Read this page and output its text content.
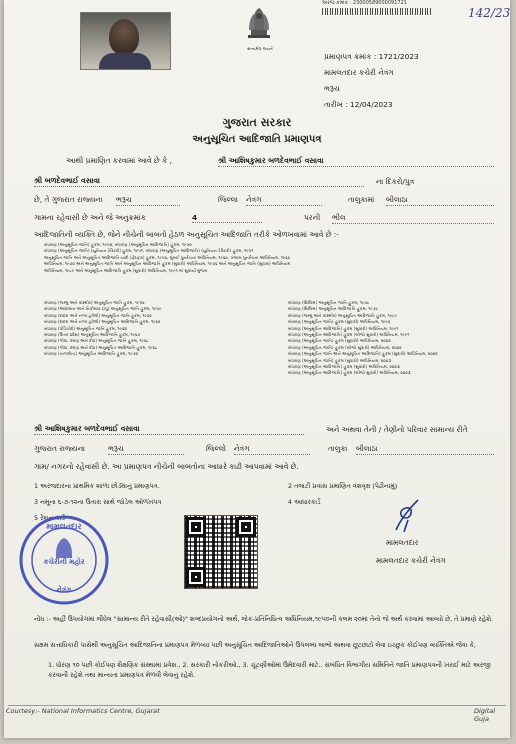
સત્યમેવ જયતે
અરજ ક્રમાંક : 23000589000091721
142/23
પ્રમાણપત્ર ક્રમાંક : 1721/2023
મામલતદાર કચેરી નેત્રંગ
ભરૂચ
તારીખ : 12/04/2023
ગુજરાત સરકાર
અનુસૂચિત આદિજાતિ પ્રમાણપત્ર
આથી પ્રમાણિત કરવામાં આવે છે કે ,	શ્રી આશિષકુમાર બળદેવભાઈ વસાવા
શ્રી બળદેવભાઈ વસાવા	ના દિકરો/પુત્ર
છે, તે ગુજરાત રાજ્યના ભરૂચ	જિલ્લા નેત્રંગ	તાલુકામાં બીલાઠા
ગામના રહેવાસી છે અને જે અનુક્રમાંક	4	પરની ભીલ
આદિજાતિની વ્યક્તિ છે, જેને નીચેની બાબતો હેઠળ અનુસૂચિત આદિજાતિ તરીકે ઓળખવામાં આવે છે :-
બંધારણ (અનુસૂચિત જાતિ) હુકમ, ૧૯૫૦, બંધારણ (અનુસૂચિત આદિજાતિ) હુકમ, ૧૯૫૦
બંધારણ (અનુસૂચિત જાતિ) (યુનિયન ટેરિટરી) હુકમ, ૧૯૫૧, બંધારણ (અનુસૂચિત આદિજાતિ) (યુનિયન ટેરિટરી) હુકમ, ૧૯૫૧
અનુસૂચિત જાતિ અને અનુસૂચિત આદિજાતિ યાદી (ફેરફાર) હુકમ, ૧૯૫૬, મુંબઈ પુનર્રચના અધિનિયમ, ૧૯૬૦, પંજાબ પુનર્રચના અધિનિયમ, ૧૯૬૬
અધિનિયમ, ૧૯૭૦ અને અનુસૂચિત જાતિ અને અનુસૂચિત આદિજાતિ હુકમ (સુધારો) અધિનિયમ, ૧૯૭૬ અને અનુસૂચિત જાતિ (સુધારા) અધિનિયમ
અધિનિયમ, ૧૯૮૯ અને અનુસૂચિત આદિજાતિ હુકમ (સુધારો) અધિનિયમ, ૧૯૯૧ માં સુધાર્યા મુજબ
બંધારણ (જમ્મુ અને કાશ્મીર) અનુસૂચિત જાતિ હુકમ, ૧૯૫૬
બંધારણ (આંદામાન અને નિકોબાર ટાપુ) અનુસૂચિત જાતિ હુકમ, ૧૯૫૯
બંધારણ (દાદરા અને નગર હવેલી) અનુસૂચિત જાતિ હુકમ, ૧૯૬૨
બંધારણ (દાદરા અને નગર હવેલી) અનુસૂચિત આદિજાતિ હુકમ, ૧૯૬૨
બંધારણ (પોંડિચેરી) અનુસૂચિત જાતિ હુકમ, ૧૯૬૪
બંધારણ (ઉત્તર પ્રદેશ) અનુસૂચિત આદિજાતિ હુકમ, ૧૯૬૭
બંધારણ (ગોવા, દમણ અને દીવ) અનુસૂચિત જાતિ હુકમ, ૧૯૬૮
બંધારણ (ગોવા, દમણ અને દીવ) અનુસૂચિત આદિજાતિ હુકમ, ૧૯૬૮
બંધારણ (નાગાલેન્ડ) અનુસૂચિત આદિજાતિ હુકમ, ૧૯૭૦
બંધારણ (સિક્કિમ) અનુસૂચિત જાતિ હુકમ, ૧૯૭૮
બંધારણ (સિક્કિમ) અનુસૂચિત આદિજાતિ હુકમ, ૧૯૭૮
બંધારણ (જમ્મુ અને કાશ્મીર) અનુસૂચિત આદિજાતિ હુકમ, ૧૯૮૯
બંધારણ (અનુસૂચિત જાતિ) હુકમ (સુધારો) અધિનિયમ, ૧૯૯૦
બંધારણ (અનુસૂચિત આદિજાતિ) હુકમ (સુધારો) અધિનિયમ, ૧૯૯૧
બંધારણ (અનુસૂચિત આદિજાતિ) હુકમ (બીજો સુધારો) અધિનિયમ, ૧૯૯૧
બંધારણ (અનુસૂચિત જાતિ) હુકમ (સુધારો) અધિનિયમ, ૨૦૦૨
બંધારણ (અનુસૂચિત જાતિ) હુકમ (બીજો સુધારો) અધિનિયમ, ૨૦૦૨
બંધારણ (અનુસૂચિત જાતિ અને અનુસૂચિત આદિજાતિ) હુકમ (સુધારો) અધિનિયમ, ૨૦૦૨
બંધારણ (અનુસૂચિત જાતિ) હુકમ (સુધારો) અધિનિયમ, ૨૦૦૩
બંધારણ (અનુસૂચિત આદિજાતિ) હુકમ (સુધારો) અધિનિયમ, ૨૦૦૩
બંધારણ (અનુસૂચિત આદિજાતિ) હુકમ (બીજો સુધારો) અધિનિયમ, ૨૦૦૩
શ્રી આશિષકુમાર બળદેવભાઈ વસાવા	અને અથવા તેની / તેણીનો પરિવાર સામાન્ય રીતે
ગુજરાત રાજ્યના	ભરૂચ	જિલ્લો નેત્રંગ	તાલુકા બીલાઠા
ગામ/ નગરનો રહેવાસી છે. આ પ્રમાણપત્ર નીચેની બાબતોના આધારે કાઢી આપવામાં આવે છે.
1 અરજદારના પ્રાથમિક શાળા છોડ્યાનું પ્રમાણપત્ર.	2 તલાટી પ્રવાસ પ્રમાણિત વંશવૃક્ષ (પેઢીનામું)
3 નમૂના ૬-૭-૧૨ના ઉતારા સાથે જોડેલ ઓળખપત્ર	4 આધારકાર્ડ
5 રેશન કાર્ડ
મામલતદાર
કચેરીની મહોર
નેત્રંગ
મામલતદાર
મામલતદાર કચેરી નેત્રંગ
નોંધ :- અહીં ઉપયોગમાં લીધેલ "સામાન્ય રીતે રહેવાસી(ઓ)" શબ્દપ્રયોગનો અર્થ, લોક-પ્રતિનિધિત્વ અધિનિયમ,૧૯૫૦ની કલમ ૨૦માં તેનો જે અર્થ કરવામાં આવ્યો છે, તે પ્રમાણે રહેશે.
સક્ષમ સત્તાધિકારી પાસેથી અનુસૂચિત આદિજાતિના પ્રમાણપત્ર મેળવ્યા પછી અનુસૂચિત આદિજાતિઓને ઉપલબ્ધ લાભો અથવા છૂટછાટો લેવા ઇચ્છુક કોઈપણ વ્યક્તિએ જેવા કે,
1. ધોરણ ૧૦ પછી કોઈપણ શૈક્ષણિક સંસ્થામાં પ્રવેશ., 2. સરકારી નોકરીઓ., 3. ચૂંટણીઓમાં ઉમેદવારી માટે.. સંબંધિત વિભાગીય સમિતિને જાતિ પ્રમાણપત્રની ખરાઈ માટે અરજી કરવાની રહેશે તથા માન્યતા પ્રમાણપત્ર મેળવી લેવાનું રહેશે.
Courtesy:- National Informatics Centre, Gujarat	Digital Guja
